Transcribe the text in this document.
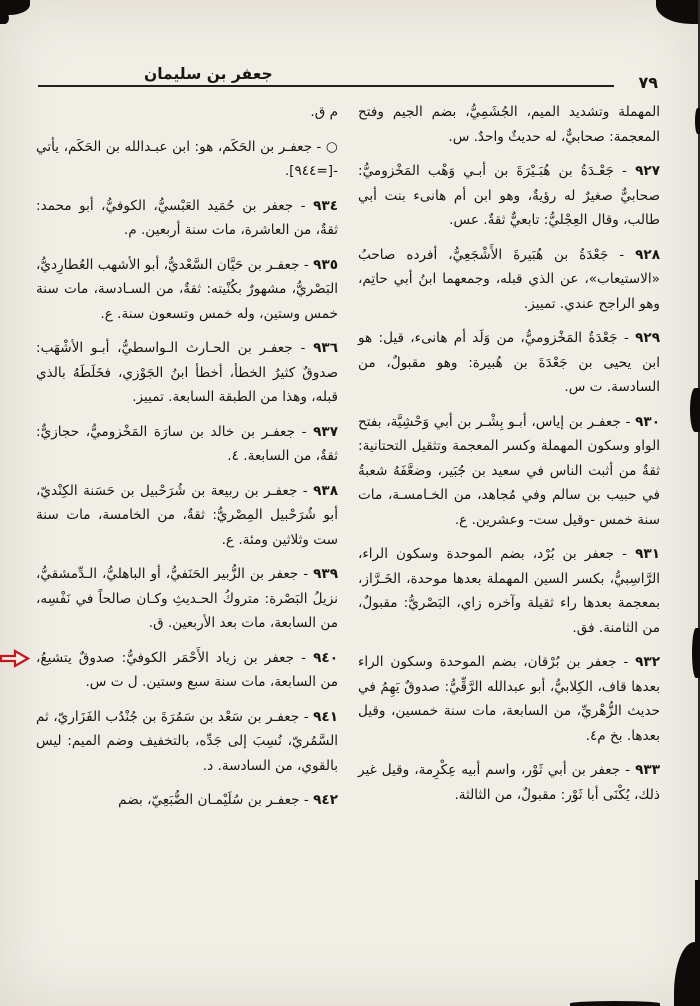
جعفر بن سليمان	٧٩

المهملة وتشديد الميم، الجُشَمِيُّ، بضم الجيم وفتح المعجمة: صحابيٌّ، له حديثٌ واحدٌ. س.

٩٢٧ - جَعْـدَةُ بن هُبَـيْرَةَ بن أبـي وَهْب المَخْزوميُّ: صحابيٌّ صغيرٌ له رؤيةٌ، وهو ابن أم هانىء بنت أبي طالب، وقال العِجْليُّ: تابعيٌّ ثقةٌ. عس.

٩٢٨ - جَعْدَةُ بن هُبَيرةَ الأَشْجَعِيُّ، أفرده صاحبُ «الاستيعاب»، عن الذي قبله، وجمعهما ابنُ أبي حاتِم، وهو الراجح عندي. تمييز.

٩٢٩ - جَعْدَةُ المَخْزوميُّ، من وَلَد أم هانىء، قيل: هو ابن يحيى بن جَعْدَةَ بن هُبيرة: وهو مقبولٌ، من السادسة. ت س.

٩٣٠ - جعفـر بن إياس، أبـو بِشْـر بن أبي وَحْشِيَّة، بفتح الواو وسكون المهملة وكسر المعجمة وتثقيل التحتانية: ثقةٌ من أثبت الناس في سعيد بن جُبَير، وضعَّفَهُ شعبةُ في حبيب بن سالم وفي مُجاهد، من الخـامسـة، مات سنة خمس -وقيل ست- وعشرين. ع.

٩٣١ - جعفر بن بُرْد، بضم الموحدة وسكون الراء، الرَّاسِبيُّ، بكسر السين المهملة بعدها موحدة، الخَـرَّاز، بمعجمة بعدها راء ثقيلة وآخره زاي، البَصْريُّ: مقبولٌ، من الثامنة. فق.

٩٣٢ - جعفر بن بُرْقان، بضم الموحدة وسكون الراء بعدها قاف، الكِلابيُّ، أبو عبدالله الرَّقِّيُّ: صدوقٌ يَهِمُ في حديث الزُّهْريِّ، من السابعة، مات سنة خمسين، وقيل بعدها. بخ م٤.

٩٣٣ - جعفر بن أبي ثَوْر، واسم أبيه عِكْرِمة، وقيل غير ذلك، يُكْنَى أبا ثَوْر: مقبولٌ، من الثالثة.

م ق.

○ - جعفـر بن الحَكَم، هو: ابن عبـدالله بن الحَكَم، يأتي -[=٩٤٤].

٩٣٤ - جعفر بن حُمَيد العَبْسيُّ، الكوفيُّ، أبو محمد: ثقةٌ، من العاشرة، مات سنة أربعين. م.

٩٣٥ - جعفـر بن حَيَّان السَّعْديُّ، أبو الأشهب العُطارِديُّ، البَصْريُّ، مشهورٌ بكُنْيته: ثقةٌ، من السـادسة، مات سنة خمس وستين، وله خمس وتسعون سنة. ع.

٩٣٦ - جعفـر بن الحـارث الـواسطيُّ، أبـو الأشْهَب: صدوقٌ كثيرُ الخطأ، أخطأ ابنُ الجَوْزي، فخَلَطَهُ بالذي قبله، وهذا من الطبقة السابعة. تمييز.

٩٣٧ - جعفـر بن خالد بن سارَة المَخْزوميُّ، حجازيٌّ: ثقةٌ، من السابعة. ٤.

٩٣٨ - جعفـر بن ربيعة بن شُرَحْبيل بن حَسَنة الكِنْديّ، أبو شُرَحْبيل المِصْريُّ: ثقةٌ، من الخامسة، مات سنة ست وثلاثين ومئة. ع.

٩٣٩ - جعفر بن الزُّبير الحَنَفيُّ، أو الباهليُّ، الـدِّمشقيُّ، نزيلُ البَصْرة: متروكُ الحـديثِ وكـان صالحاً في نَفْسِه، من السابعة، مات بعد الأربعين. ق.

٩٤٠ - جعفر بن زياد الأَحْمَر الكوفيُّ: صدوقٌ يتشيعُ، من السابعة، مات سنة سبع وستين. ل ت س.

٩٤١ - جعفـر بن سَعْد بن سَمُرَةَ بن جُنْدُب الفَزَاريّ، ثم السَّمُريّ، نُسِبَ إلى جَدِّه، بالتخفيف وضم الميم: ليس بالقوي، من السادسة. د.

٩٤٢ - جعفـر بن سُلَيْمـان الضُّبَعِيّ، بضم
